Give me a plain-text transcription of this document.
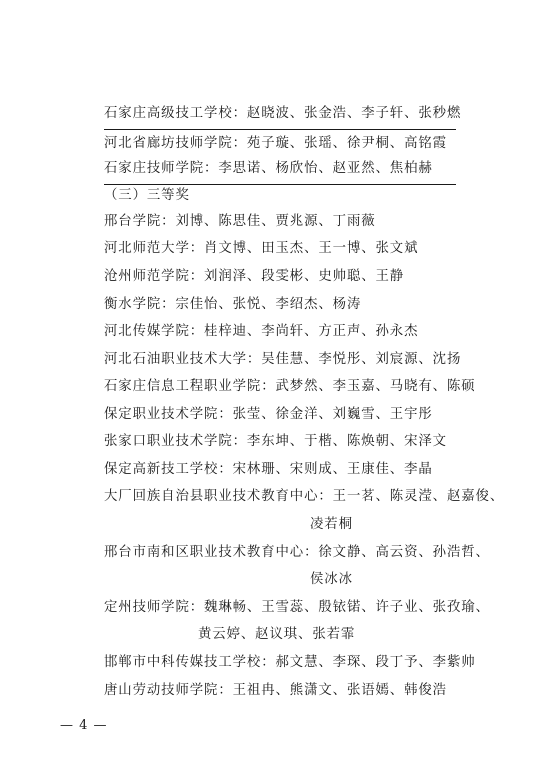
石家庄高级技工学校：赵晓波、张金浩、李子轩、张秒燃
河北省廊坊技师学院：苑子璇、张瑶、徐尹桐、高铭霞
石家庄技师学院：李思诺、杨欣怡、赵亚然、焦柏赫
（三）三等奖
邢台学院：刘博、陈思佳、贾兆源、丁雨薇
河北师范大学：肖文博、田玉杰、王一博、张文斌
沧州师范学院：刘润泽、段雯彬、史帅聪、王静
衡水学院：宗佳怡、张悦、李绍杰、杨涛
河北传媒学院：桂梓迪、李尚轩、方正声、孙永杰
河北石油职业技术大学：吴佳慧、李悦彤、刘宸源、沈扬
石家庄信息工程职业学院：武梦然、李玉嘉、马晓有、陈硕
保定职业技术学院：张莹、徐金洋、刘巍雪、王宇彤
张家口职业技术学院：李东坤、于楷、陈焕朝、宋泽文
保定高新技工学校：宋林珊、宋则成、王康佳、李晶
大厂回族自治县职业技术教育中心：王一茗、陈灵滢、赵嘉俊、
凌若桐
邢台市南和区职业技术教育中心：徐文静、高云资、孙浩哲、
侯冰冰
定州技师学院：魏琳畅、王雪蕊、殷铱锘、许子业、张孜瑜、
黄云婷、赵议琪、张若霏
邯郸市中科传媒技工学校：郝文慧、李琛、段丁予、李紫帅
唐山劳动技师学院：王祖冉、熊潇文、张语嫣、韩俊浩
— 4 —
